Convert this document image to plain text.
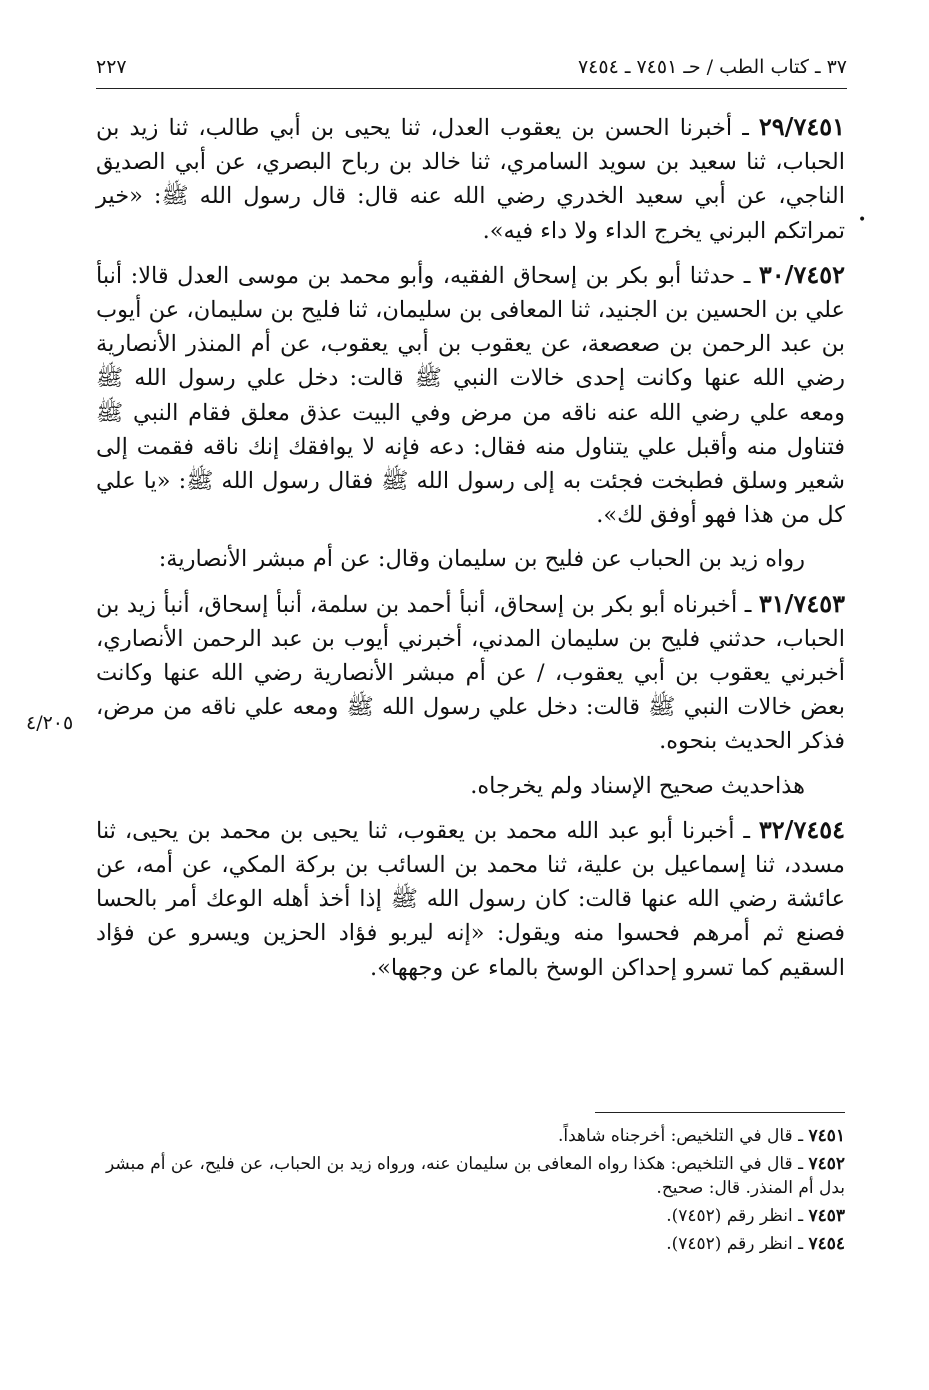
٣٧ ـ كتاب الطب / حـ ٧٤٥١ ـ ٧٤٥٤
٢٢٧

٢٩/٧٤٥١ ـ أخبرنا الحسن بن يعقوب العدل، ثنا يحيى بن أبي طالب، ثنا زيد بن الحباب، ثنا سعيد بن سويد السامري، ثنا خالد بن رباح البصري، عن أبي الصديق الناجي، عن أبي سعيد الخدري رضي الله عنه قال: قال رسول الله ﷺ: «خير تمراتكم البرني يخرج الداء ولا داء فيه».

٣٠/٧٤٥٢ ـ حدثنا أبو بكر بن إسحاق الفقيه، وأبو محمد بن موسى العدل قالا: أنبأ علي بن الحسين بن الجنيد، ثنا المعافى بن سليمان، ثنا فليح بن سليمان، عن أيوب بن عبد الرحمن بن صعصعة، عن يعقوب بن أبي يعقوب، عن أم المنذر الأنصارية رضي الله عنها وكانت إحدى خالات النبي ﷺ قالت: دخل علي رسول الله ﷺ ومعه علي رضي الله عنه ناقه من مرض وفي البيت عذق معلق فقام النبي ﷺ فتناول منه وأقبل علي يتناول منه فقال: دعه فإنه لا يوافقك إنك ناقه فقمت إلى شعير وسلق فطبخت فجئت به إلى رسول الله ﷺ فقال رسول الله ﷺ: «يا علي كل من هذا فهو أوفق لك».

رواه زيد بن الحباب عن فليح بن سليمان وقال: عن أم مبشر الأنصارية:

٣١/٧٤٥٣ ـ أخبرناه أبو بكر بن إسحاق، أنبأ أحمد بن سلمة، أنبأ إسحاق، أنبأ زيد بن الحباب، حدثني فليح بن سليمان المدني، أخبرني أيوب بن عبد الرحمن الأنصاري، أخبرني يعقوب بن أبي يعقوب، / عن أم مبشر الأنصارية رضي الله عنها وكانت بعض خالات النبي ﷺ قالت: دخل علي رسول الله ﷺ ومعه علي ناقه من مرض، فذكر الحديث بنحوه.

هذاحديث صحيح الإسناد ولم يخرجاه.

٣٢/٧٤٥٤ ـ أخبرنا أبو عبد الله محمد بن يعقوب، ثنا يحيى بن محمد بن يحيى، ثنا مسدد، ثنا إسماعيل بن علية، ثنا محمد بن السائب بن بركة المكي، عن أمه، عن عائشة رضي الله عنها قالت: كان رسول الله ﷺ إذا أخذ أهله الوعك أمر بالحسا فصنع ثم أمرهم فحسوا منه ويقول: «إنه ليربو فؤاد الحزين ويسرو عن فؤاد السقيم كما تسرو إحداكن الوسخ بالماء عن وجهها».

٤/٢٠٥
•

٧٤٥١ ـ قال في التلخيص: أخرجناه شاهداً.

٧٤٥٢ ـ قال في التلخيص: هكذا رواه المعافى بن سليمان عنه، ورواه زيد بن الحباب، عن فليح، عن أم مبشر بدل أم المنذر. قال: صحيح.

٧٤٥٣ ـ انظر رقم (٧٤٥٢).

٧٤٥٤ ـ انظر رقم (٧٤٥٢).
